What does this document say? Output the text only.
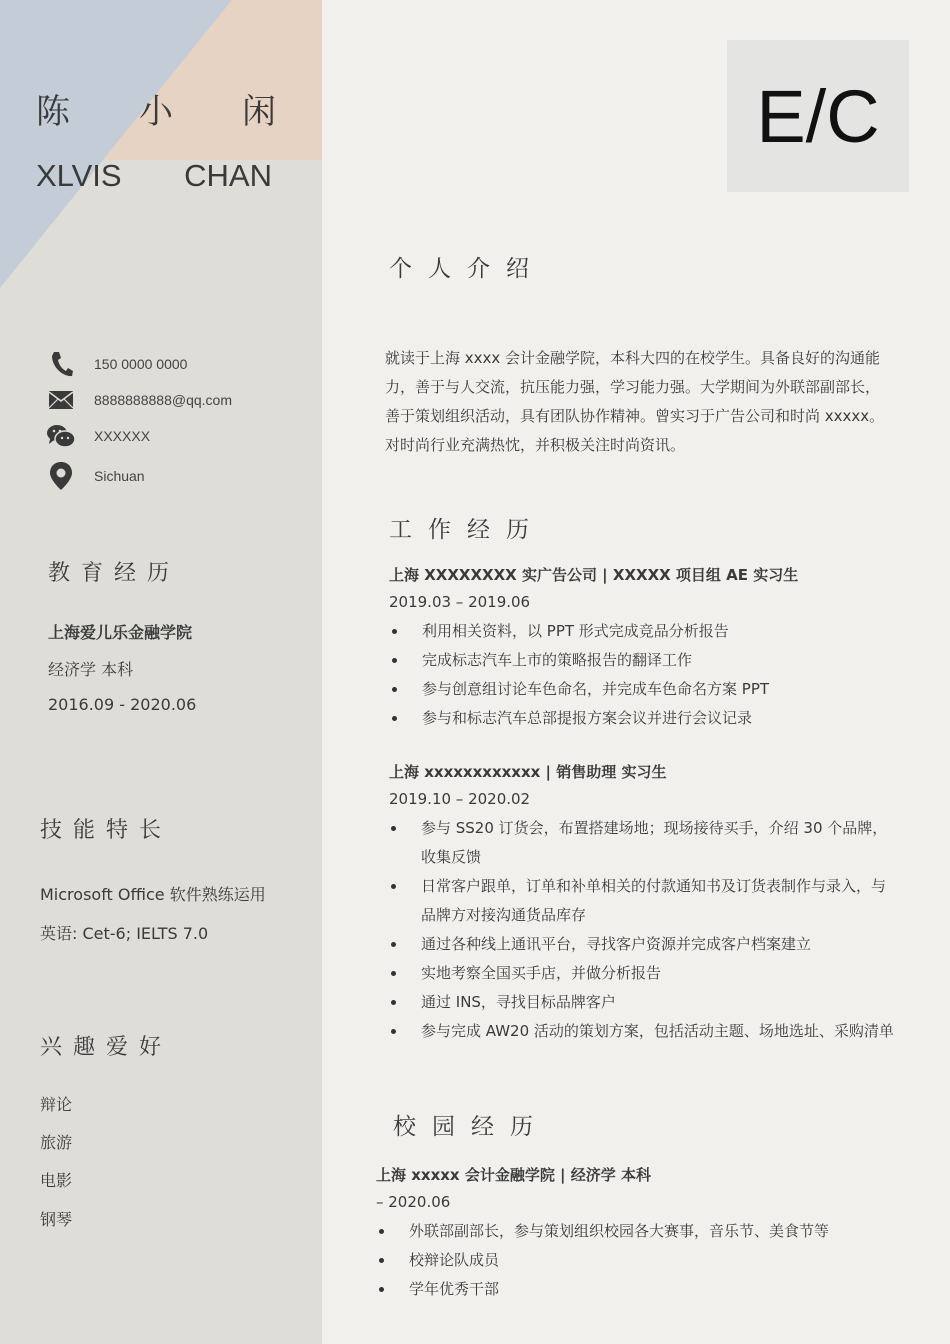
陈 小 闲
XLVIS CHAN
150 0000 0000
8888888888@qq.com
XXXXXX
Sichuan
教育经历
上海爱儿乐金融学院
经济学 本科
2016.09 - 2020.06
技能特长
Microsoft Office 软件熟练运用
英语: Cet-6; IELTS 7.0
兴趣爱好
辩论
旅游
电影
钢琴
E/C
个人介绍
就读于上海 xxxx 会计金融学院，本科大四的在校学生。具备良好的沟通能力，善于与人交流，抗压能力强，学习能力强。大学期间为外联部副部长，善于策划组织活动，具有团队协作精神。曾实习于广告公司和时尚 xxxxx。对时尚行业充满热忱，并积极关注时尚资讯。
工作经历
上海 XXXXXXXX 实广告公司 | XXXXX 项目组 AE 实习生
2019.03 – 2019.06
利用相关资料，以 PPT 形式完成竞品分析报告
完成标志汽车上市的策略报告的翻译工作
参与创意组讨论车色命名，并完成车色命名方案 PPT
参与和标志汽车总部提报方案会议并进行会议记录
上海 xxxxxxxxxxxx | 销售助理 实习生
2019.10 – 2020.02
参与 SS20 订货会，布置搭建场地；现场接待买手，介绍 30 个品牌，收集反馈
日常客户跟单，订单和补单相关的付款通知书及订货表制作与录入，与品牌方对接沟通货品库存
通过各种线上通讯平台，寻找客户资源并完成客户档案建立
实地考察全国买手店，并做分析报告
通过 INS，寻找目标品牌客户
参与完成 AW20 活动的策划方案，包括活动主题、场地选址、采购清单
校园经历
上海 xxxxx 会计金融学院 | 经济学 本科
– 2020.06
外联部副部长，参与策划组织校园各大赛事，音乐节、美食节等
校辩论队成员
学年优秀干部
